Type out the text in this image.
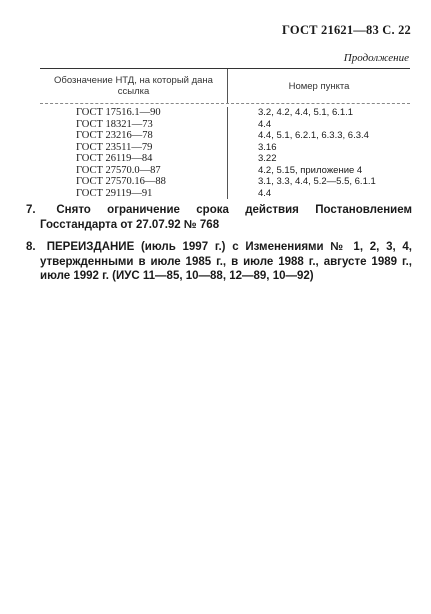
ГОСТ 21621—83 С. 22
Продолжение
Обозначение НТД, на который дана ссылка	Номер пункта
ГОСТ 17516.1—90
ГОСТ 18321—73
ГОСТ 23216—78
ГОСТ 23511—79
ГОСТ 26119—84
ГОСТ 27570.0—87
ГОСТ 27570.16—88
ГОСТ 29119—91
3.2, 4.2, 4.4, 5.1, 6.1.1
4.4
4.4, 5.1, 6.2.1, 6.3.3, 6.3.4
3.16
3.22
4.2, 5.15, приложение 4
3.1, 3.3, 4.4, 5.2—5.5, 6.1.1
4.4
7. Снято ограничение срока действия Постановлением Госстандарта от 27.07.92 № 768
8. ПЕРЕИЗДАНИЕ (июль 1997 г.) с Изменениями № 1, 2, 3, 4, утвержденными в июле 1985 г., в июле 1988 г., августе 1989 г., июле 1992 г. (ИУС 11—85, 10—88, 12—89, 10—92)
